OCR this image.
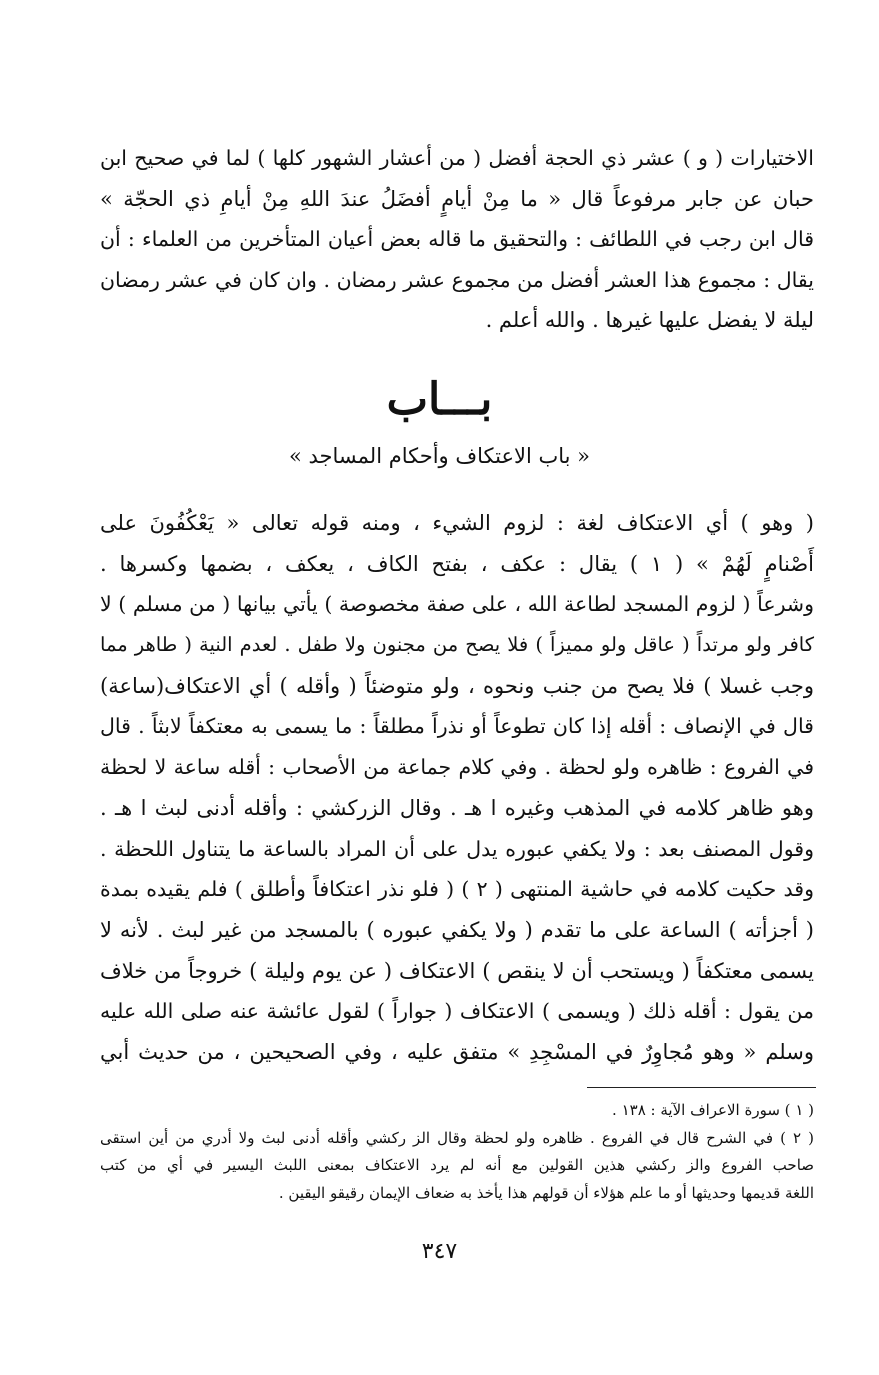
الاختيارات ( و ) عشر ذي الحجة أفضل ( من أعشار الشهور كلها ) لما في صحيح ابن
حبان عن جابر مرفوعاً قال « ما مِنْ أيامٍ أفضَلُ عندَ اللهِ مِنْ أيامِ ذي الحجّة »
قال ابن رجب في اللطائف : والتحقيق ما قاله بعض أعيان المتأخرين من العلماء : أن
يقال : مجموع هذا العشر أفضل من مجموع عشر رمضان . وان كان في عشر رمضان
ليلة لا يفضل عليها غيرها . والله أعلم .
بـــاب
« باب الاعتكاف وأحكام المساجد »
( وهو ) أي الاعتكاف لغة : لزوم الشيء ، ومنه قوله تعالى « يَعْكُفُونَ على
أَصْنامٍ لَهُمْ » ( ١ ) يقال : عكف ، بفتح الكاف ، يعكف ، بضمها وكسرها .
وشرعاً ( لزوم المسجد لطاعة الله ، على صفة مخصوصة ) يأتي بيانها ( من مسلم ) لا
كافر ولو مرتداً ( عاقل ولو مميزاً ) فلا يصح من مجنون ولا طفل . لعدم النية ( طاهر مما
وجب غسلا ) فلا يصح من جنب ونحوه ، ولو متوضئاً ( وأقله ) أي الاعتكاف(ساعة)
قال في الإنصاف : أقله إذا كان تطوعاً أو نذراً مطلقاً : ما يسمى به معتكفاً لابثاً . قال
في الفروع : ظاهره ولو لحظة . وفي كلام جماعة من الأصحاب : أقله ساعة لا لحظة
وهو ظاهر كلامه في المذهب وغيره ا هـ . وقال الزركشي : وأقله أدنى لبث ا هـ .
وقول المصنف بعد : ولا يكفي عبوره يدل على أن المراد بالساعة ما يتناول اللحظة .
وقد حكيت كلامه في حاشية المنتهى ( ٢ ) ( فلو نذر اعتكافاً وأطلق ) فلم يقيده بمدة
( أجزأته ) الساعة على ما تقدم ( ولا يكفي عبوره ) بالمسجد من غير لبث . لأنه لا
يسمى معتكفاً ( ويستحب أن لا ينقص ) الاعتكاف ( عن يوم وليلة ) خروجاً من خلاف
من يقول : أقله ذلك ( ويسمى ) الاعتكاف ( جواراً ) لقول عائشة عنه صلى الله عليه
وسلم « وهو مُجاوِرٌ في المسْجِدِ » متفق عليه ، وفي الصحيحين ، من حديث أبي
( ١ ) سورة الاعراف الآية : ١٣٨ .
( ٢ ) في الشرح قال في الفروع . ظاهره ولو لحظة وقال الز ركشي وأقله أدنى لبث ولا أدري من أين استقى
صاحب الفروع والز ركشي هذين القولين مع أنه لم يرد الاعتكاف بمعنى اللبث اليسير في أي من كتب
اللغة قديمها وحديثها أو ما علم هؤلاء أن قولهم هذا يأخذ به ضعاف الإيمان رقيقو اليقين .
٣٤٧
